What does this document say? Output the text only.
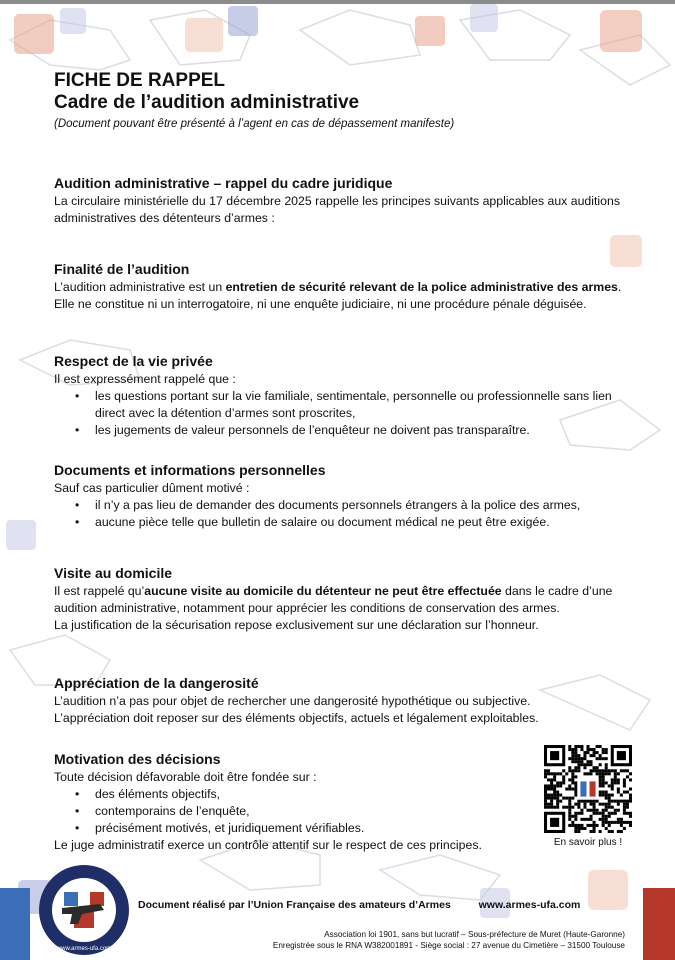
FICHE DE RAPPEL

Cadre de l’audition administrative

(Document pouvant être présenté à l’agent en cas de dépassement manifeste)

Audition administrative – rappel du cadre juridique

La circulaire ministérielle du 17 décembre 2025 rappelle les principes suivants applicables aux auditions administratives des détenteurs d’armes :

Finalité de l’audition

L’audition administrative est un entretien de sécurité relevant de la police administrative des armes.

Elle ne constitue ni un interrogatoire, ni une enquête judiciaire, ni une procédure pénale déguisée.

Respect de la vie privée

Il est expressément rappelé que :

• les questions portant sur la vie familiale, sentimentale, personnelle ou professionnelle sans lien direct avec la détention d’armes sont proscrites,
• les jugements de valeur personnels de l’enquêteur ne doivent pas transparaître.
Documents et informations personnelles

Sauf cas particulier dûment motivé :

• il n’y a pas lieu de demander des documents personnels étrangers à la police des armes,
• aucune pièce telle que bulletin de salaire ou document médical ne peut être exigée.
Visite au domicile

Il est rappelé qu’aucune visite au domicile du détenteur ne peut être effectuée dans le cadre d’une audition administrative, notamment pour apprécier les conditions de conservation des armes.

La justification de la sécurisation repose exclusivement sur une déclaration sur l’honneur.

Appréciation de la dangerosité

L’audition n’a pas pour objet de rechercher une dangerosité hypothétique ou subjective.

L’appréciation doit reposer sur des éléments objectifs, actuels et légalement exploitables.

Motivation des décisions

Toute décision défavorable doit être fondée sur :

• des éléments objectifs,
• contemporains de l’enquête,
• précisément motivés, et juridiquement vérifiables.

Le juge administratif exerce un contrôle attentif sur le respect de ces principes.	En savoir plus !
www.armes-ufa.com
Document réalisé par l’Union Française des amateurs d’Armes	www.armes-ufa.com
Association loi 1901, sans but lucratif – Sous-préfecture de Muret (Haute-Garonne)
Enregistrée sous le RNA W382001891 - Siège social : 27 avenue du Cimetière – 31500 Toulouse
